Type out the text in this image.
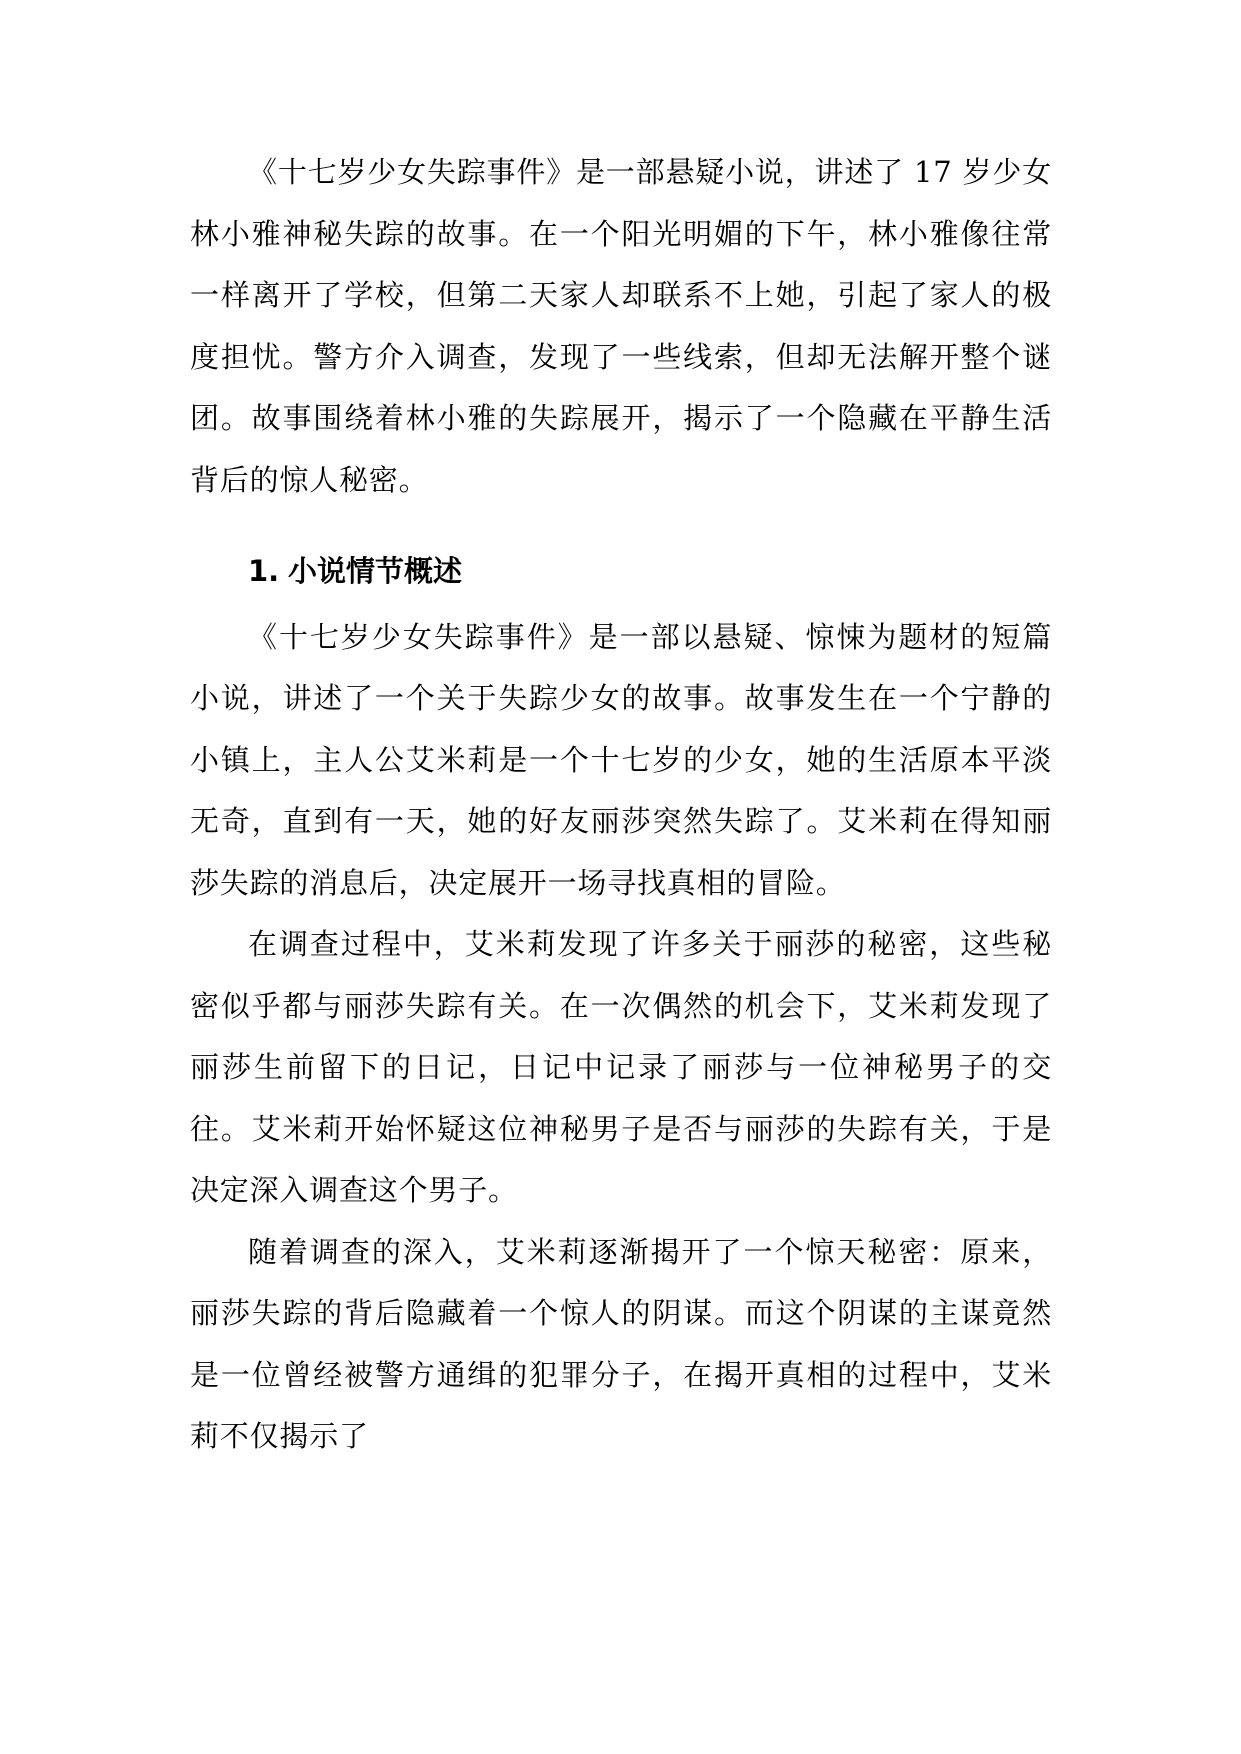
《十七岁少女失踪事件》是一部悬疑小说，讲述了 17 岁少女林小雅神秘失踪的故事。在一个阳光明媚的下午，林小雅像往常一样离开了学校，但第二天家人却联系不上她，引起了家人的极度担忧。警方介入调查，发现了一些线索，但却无法解开整个谜团。故事围绕着林小雅的失踪展开，揭示了一个隐藏在平静生活背后的惊人秘密。

1. 小说情节概述

《十七岁少女失踪事件》是一部以悬疑、惊悚为题材的短篇小说，讲述了一个关于失踪少女的故事。故事发生在一个宁静的小镇上，主人公艾米莉是一个十七岁的少女，她的生活原本平淡无奇，直到有一天，她的好友丽莎突然失踪了。艾米莉在得知丽莎失踪的消息后，决定展开一场寻找真相的冒险。

在调查过程中，艾米莉发现了许多关于丽莎的秘密，这些秘密似乎都与丽莎失踪有关。在一次偶然的机会下，艾米莉发现了丽莎生前留下的日记，日记中记录了丽莎与一位神秘男子的交往。艾米莉开始怀疑这位神秘男子是否与丽莎的失踪有关，于是决定深入调查这个男子。

随着调查的深入，艾米莉逐渐揭开了一个惊天秘密：原来，丽莎失踪的背后隐藏着一个惊人的阴谋。而这个阴谋的主谋竟然是一位曾经被警方通缉的犯罪分子，在揭开真相的过程中，艾米莉不仅揭示了
